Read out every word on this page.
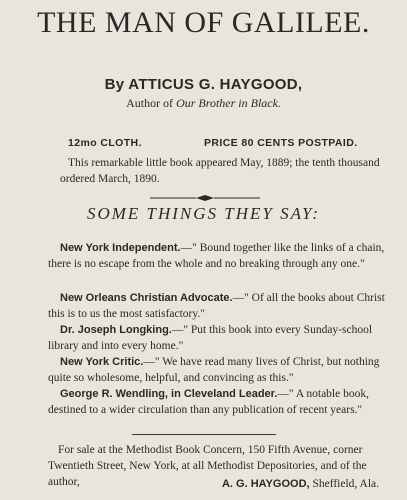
THE MAN OF GALILEE.
By ATTICUS G. HAYGOOD,
Author of Our Brother in Black.
12mo CLOTH.	PRICE 80 CENTS POSTPAID.
This remarkable little book appeared May, 1889; the tenth thousand ordered March, 1890.
SOME THINGS THEY SAY:
New York Independent.—" Bound together like the links of a chain, there is no escape from the whole and no breaking through any one."
New Orleans Christian Advocate.—" Of all the books about Christ this is to us the most satisfactory."
Dr. Joseph Longking.—" Put this book into every Sunday-school library and into every home."
New York Critic.—" We have read many lives of Christ, but nothing quite so wholesome, helpful, and convincing as this."
George R. Wendling, in Cleveland Leader.—" A notable book, destined to a wider circulation than any publication of recent years."
For sale at the Methodist Book Concern, 150 Fifth Avenue, corner Twentieth Street, New York, at all Methodist Depositories, and of the author,	A. G. HAYGOOD, Sheffield, Ala.
